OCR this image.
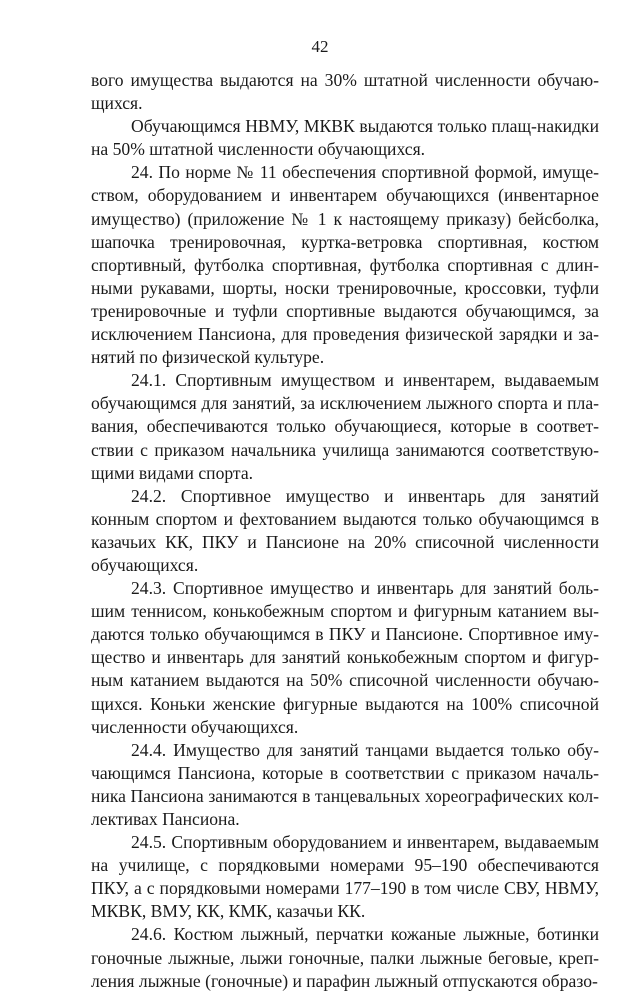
42

вого имущества выдаются на 30% штатной численности обучающихся.

Обучающимся НВМУ, МКВК выдаются только плащ-накидки на 50% штатной численности обучающихся.

24. По норме № 11 обеспечения спортивной формой, имуществом, оборудованием и инвентарем обучающихся (инвентарное имущество) (приложение № 1 к настоящему приказу) бейсболка, шапочка тренировочная, куртка-ветровка спортивная, костюм спортивный, футболка спортивная, футболка спортивная с длинными рукавами, шорты, носки тренировочные, кроссовки, туфли тренировочные и туфли спортивные выдаются обучающимся, за исключением Пансиона, для проведения физической зарядки и занятий по физической культуре.

24.1. Спортивным имуществом и инвентарем, выдаваемым обучающимся для занятий, за исключением лыжного спорта и плавания, обеспечиваются только обучающиеся, которые в соответствии с приказом начальника училища занимаются соответствующими видами спорта.

24.2. Спортивное имущество и инвентарь для занятий конным спортом и фехтованием выдаются только обучающимся в казачьих КК, ПКУ и Пансионе на 20% списочной численности обучающихся.

24.3. Спортивное имущество и инвентарь для занятий большим теннисом, конькобежным спортом и фигурным катанием выдаются только обучающимся в ПКУ и Пансионе. Спортивное имущество и инвентарь для занятий конькобежным спортом и фигурным катанием выдаются на 50% списочной численности обучающихся. Коньки женские фигурные выдаются на 100% списочной численности обучающихся.

24.4. Имущество для занятий танцами выдается только обучающимся Пансиона, которые в соответствии с приказом начальника Пансиона занимаются в танцевальных хореографических коллективах Пансиона.

24.5. Спортивным оборудованием и инвентарем, выдаваемым на училище, с порядковыми номерами 95–190 обеспечиваются ПКУ, а с порядковыми номерами 177–190 в том числе СВУ, НВМУ, МКВК, ВМУ, КК, КМК, казачьи КК.

24.6. Костюм лыжный, перчатки кожаные лыжные, ботинки гоночные лыжные, лыжи гоночные, палки лыжные беговые, крепления лыжные (гоночные) и парафин лыжный отпускаются образо-
